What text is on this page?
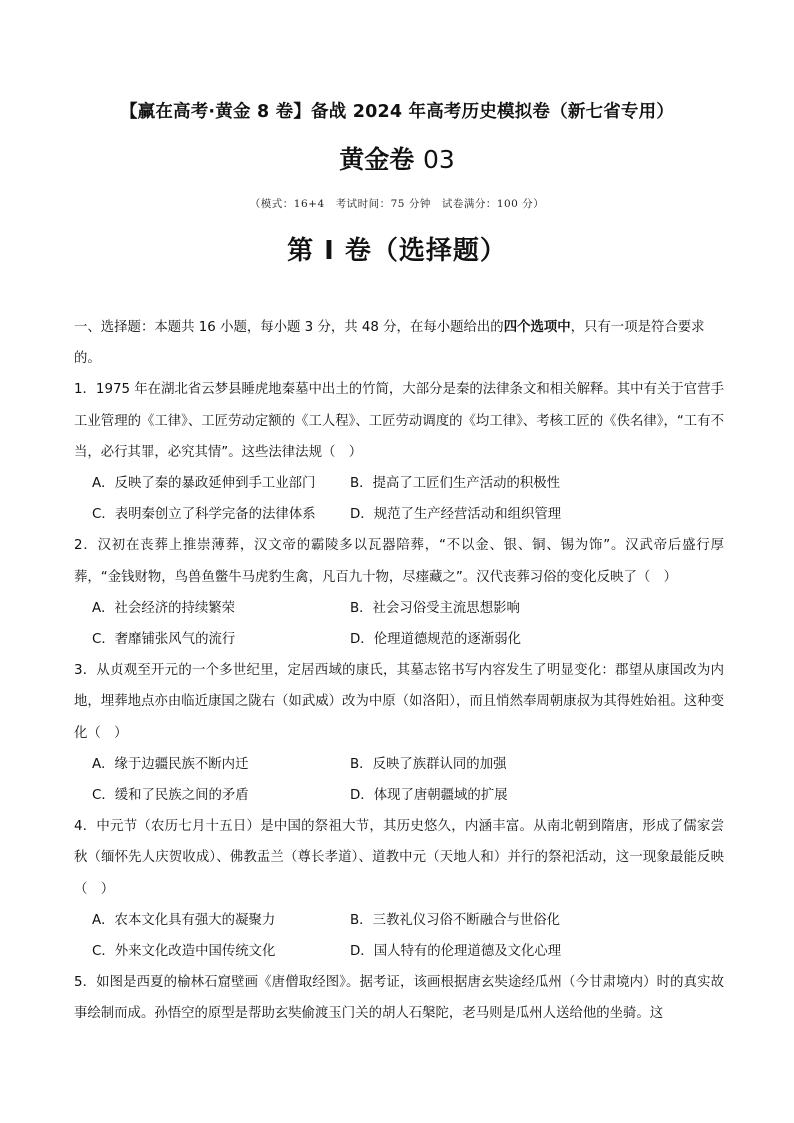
【赢在高考·黄金 8 卷】备战 2024 年高考历史模拟卷（新七省专用）
黄金卷 03
（模式：16+4　考试时间：75 分钟　试卷满分：100 分）
第 I 卷（选择题）
一、选择题：本题共 16 小题，每小题 3 分，共 48 分，在每小题给出的四个选项中，只有一项是符合要求
的。
1．1975 年在湖北省云梦县睡虎地秦墓中出土的竹简，大部分是秦的法律条文和相关解释。其中有关于官营手工业管理的《工律》、工匠劳动定额的《工人程》、工匠劳动调度的《均工律》、考核工匠的《佚名律》，“工有不当，必行其罪，必究其情”。这些法律法规（　）
A．反映了秦的暴政延伸到手工业部门	B．提高了工匠们生产活动的积极性
C．表明秦创立了科学完备的法律体系	D．规范了生产经营活动和组织管理
2．汉初在丧葬上推崇薄葬，汉文帝的霸陵多以瓦器陪葬，“不以金、银、铜、锡为饰”。汉武帝后盛行厚葬，“金钱财物，鸟兽鱼鳖牛马虎豹生禽，凡百九十物，尽瘗藏之”。汉代丧葬习俗的变化反映了（　）
A．社会经济的持续繁荣	B．社会习俗受主流思想影响
C．奢靡铺张风气的流行	D．伦理道德规范的逐渐弱化
3．从贞观至开元的一个多世纪里，定居西域的康氏，其墓志铭书写内容发生了明显变化：郡望从康国改为内地，埋葬地点亦由临近康国之陇右（如武威）改为中原（如洛阳），而且悄然奉周朝康叔为其得姓始祖。这种变化（　）
A．缘于边疆民族不断内迁	B．反映了族群认同的加强
C．缓和了民族之间的矛盾	D．体现了唐朝疆域的扩展
4．中元节（农历七月十五日）是中国的祭祖大节，其历史悠久，内涵丰富。从南北朝到隋唐，形成了儒家尝秋（缅怀先人庆贺收成）、佛教盂兰（尊长孝道）、道教中元（天地人和）并行的祭祀活动，这一现象最能反映（　）
A．农本文化具有强大的凝聚力	B．三教礼仪习俗不断融合与世俗化
C．外来文化改造中国传统文化	D．国人特有的伦理道德及文化心理
5．如图是西夏的榆林石窟壁画《唐僧取经图》。据考证，该画根据唐玄奘途经瓜州（今甘肃境内）时的真实故事绘制而成。孙悟空的原型是帮助玄奘偷渡玉门关的胡人石槃陀，老马则是瓜州人送给他的坐骑。这
